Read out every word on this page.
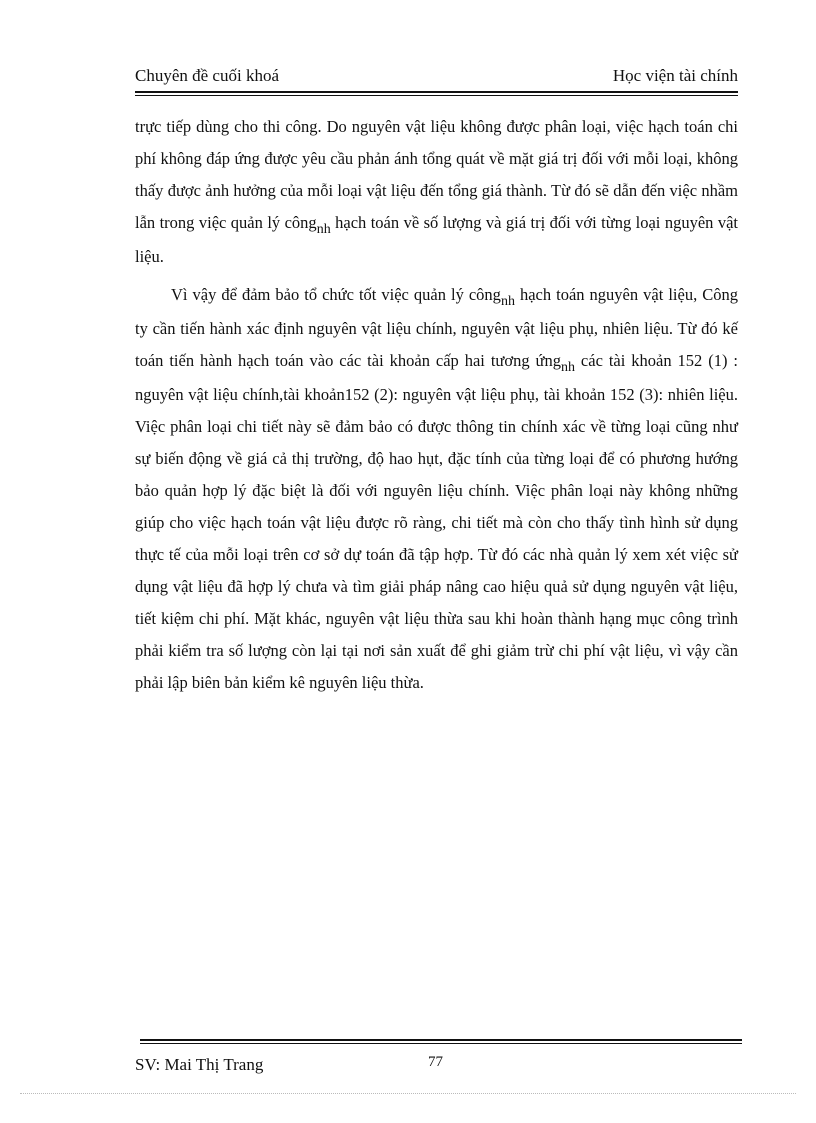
Chuyên đề cuối khoá	Học viện tài chính

trực tiếp dùng cho thi công. Do nguyên vật liệu không được phân loại, việc hạch toán chi phí không đáp ứng được yêu cầu phản ánh tổng quát về mặt giá trị đối với mỗi loại, không thấy được ảnh hưởng của mỗi loại vật liệu đến tổng giá thành. Từ đó sẽ dẫn đến việc nhầm lẫn trong việc quản lý công$_{nh}$ hạch toán về số lượng và giá trị đối với từng loại nguyên vật liệu.

Vì vậy để đảm bảo tổ chức tốt việc quản lý công$_{nh}$ hạch toán nguyên vật liệu, Công ty cần tiến hành xác định nguyên vật liệu chính, nguyên vật liệu phụ, nhiên liệu. Từ đó kế toán tiến hành hạch toán vào các tài khoản cấp hai tương ứng$_{nh}$ các tài khoản 152 (1) : nguyên vật liệu chính,tài khoản152 (2): nguyên vật liệu phụ, tài khoản 152 (3): nhiên liệu. Việc phân loại chi tiết này sẽ đảm bảo có được thông tin chính xác về từng loại cũng như sự biến động về giá cả thị trường, độ hao hụt, đặc tính của từng loại để có phương hướng bảo quản hợp lý đặc biệt là đối với nguyên liệu chính. Việc phân loại này không những giúp cho việc hạch toán vật liệu được rõ ràng, chi tiết mà còn cho thấy tình hình sử dụng thực tế của mỗi loại trên cơ sở dự toán đã tập hợp. Từ đó các nhà quản lý xem xét việc sử dụng vật liệu đã hợp lý chưa và tìm giải pháp nâng cao hiệu quả sử dụng nguyên vật liệu, tiết kiệm chi phí. Mặt khác, nguyên vật liệu thừa sau khi hoàn thành hạng mục công trình phải kiểm tra số lượng còn lại tại nơi sản xuất để ghi giảm trừ chi phí vật liệu, vì vậy cần phải lập biên bản kiểm kê nguyên liệu thừa.

SV: Mai Thị Trang	77
